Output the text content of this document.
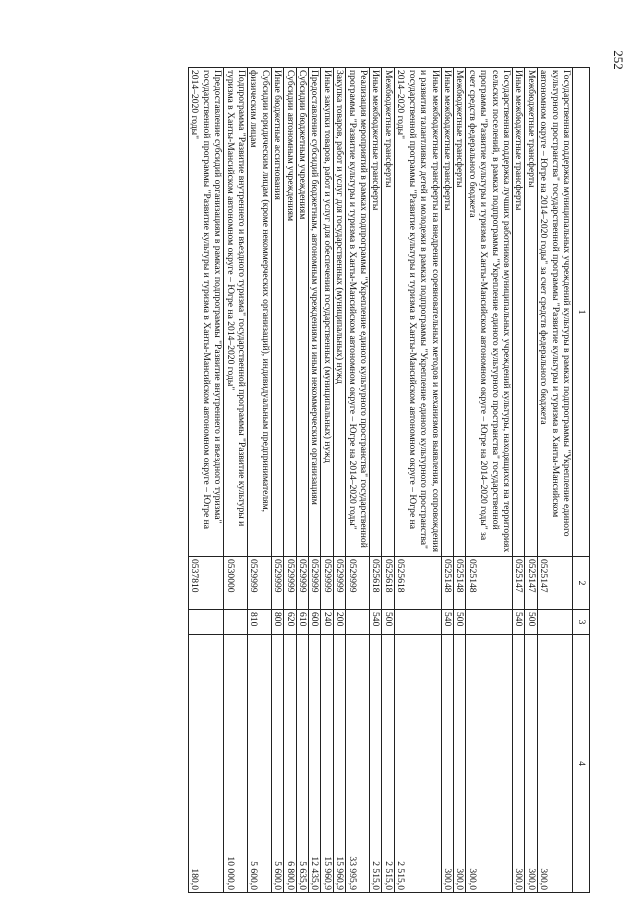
252
1	2	3	4
Государственная поддержка муниципальных учреждений культуры в рамках подпрограммы "Укрепление единого культурного пространства" государственной программы "Развитие культуры и туризма в Ханты-Мансийском автономном округе – Югре на 2014–2020 годы" за счет средств федерального бюджета	0525147		300,0
Межбюджетные трансферты	0525147	500	300,0
Иные межбюджетные трансферты	0525147	540	300,0
Государственная поддержка лучших работников муниципальных учреждений культуры, находящихся на территориях сельских поселений, в рамках подпрограммы "Укрепление единого культурного пространства" государственной программы "Развитие культуры и туризма в Ханты-Мансийском автономном округе – Югре на 2014–2020 годы" за счет средств федерального бюджета	0525148		300,0
Межбюджетные трансферты	0525148	500	300,0
Иные межбюджетные трансферты	0525148	540	300,0
Иные межбюджетные трансферты на внедрение соревновательных методов и механизмов выявления, сопровождения и развития талантливых детей и молодежи в рамках подпрограммы "Укрепление единого культурного пространства" государственной программы "Развитие культуры и туризма в Ханты-Мансийском автономном округе – Югре на 2014–2020 годы"	0525618		2 515,0
Межбюджетные трансферты	0525618	500	2 515,0
Иные межбюджетные трансферты	0525618	540	2 515,0
Реализация мероприятий в рамках подпрограммы "Укрепление единого культурного пространства" государственной программы "Развитие культуры и туризма в Ханты-Мансийском автономном округе – Югре на 2014–2020 годы"	0529999		33 995,9
Закупка товаров, работ и услуг для государственных (муниципальных) нужд	0529999	200	15 960,9
Иные закупки товаров, работ и услуг для обеспечения государственных (муниципальных) нужд	0529999	240	15 960,9
Предоставление субсидий бюджетным, автономным учреждениям и иным некоммерческим организациям	0529999	600	12 435,0
Субсидии бюджетным учреждениям	0529999	610	5 635,0
Субсидии автономным учреждениям	0529999	620	6 800,0
Иные бюджетные ассигнования	0529999	800	5 600,0
Субсидии юридическим лицам (кроме некоммерческих организаций), индивидуальным предпринимателям, физическим лицам	0529999	810	5 600,0
Подпрограмма "Развитие внутреннего и въездного туризма" государственной программы "Развитие культуры и туризма в Ханты-Мансийском автономном округе – Югре на 2014–2020 годы"	0530000		10 000,0
Предоставление субсидий организациям в рамках подпрограммы "Развитие внутреннего и въездного туризма" государственной программы "Развитие культуры и туризма в Ханты-Мансийском автономном округе – Югре на 2014–2020 годы"	0537810		180,0
